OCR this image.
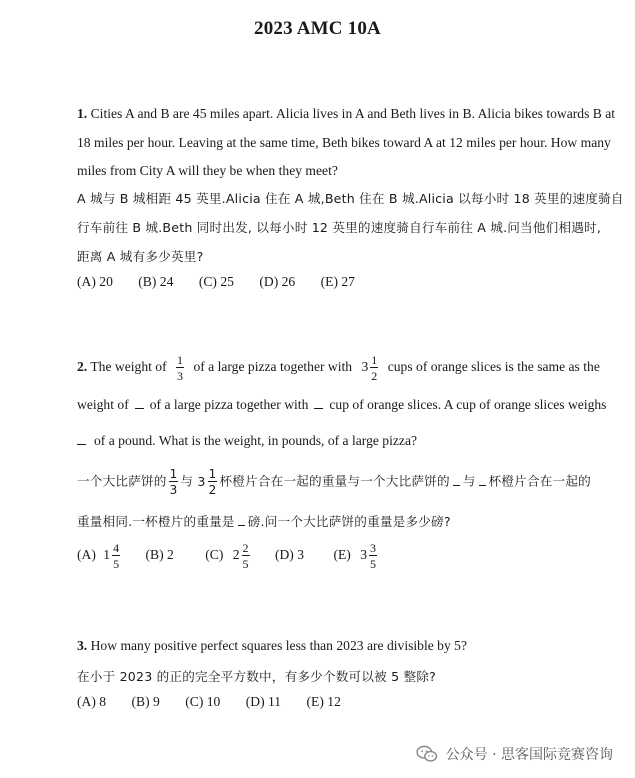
2023 AMC 10A
1. Cities A and B are 45 miles apart. Alicia lives in A and Beth lives in B. Alicia bikes towards B at
18 miles per hour. Leaving at the same time, Beth bikes toward A at 12 miles per hour. How many
miles from City A will they be when they meet?
A 城与 B 城相距 45 英里.Alicia 住在 A 城,Beth 住在 B 城.Alicia 以每小时 18 英里的速度骑自
行车前往 B 城.Beth 同时出发, 以每小时 12 英里的速度骑自行车前往 A 城.问当他们相遇时,
距离 A 城有多少英里?
(A) 20 (B) 24 (C) 25 (D) 26 (E) 27
2. The weight of $\frac{1}{3}$ of a large pizza together with $3 \frac{1}{2}$ cups of orange slices is the same as the
weight of of a large pizza together with cup of orange slices. A cup of orange slices weighs
of a pound. What is the weight, in pounds, of a large pizza?
一个大比萨饼的 $\frac{1}{3}$ 与 $3 \frac{1}{2}$ 杯橙片合在一起的重量与一个大比萨饼的 与 杯橙片合在一起的
重量相同.一杯橙片的重量是 磅.问一个大比萨饼的重量是多少磅?
(A) $1 \frac{4}{5} (B)$ 2 (C) $2 \frac{2}{5} (D)$ 3 (E) $3 \frac{3}{5}$
3. How many positive perfect squares less than 2023 are divisible by 5?
在小于 2023 的正的完全平方数中，有多少个数可以被 5 整除?
(A) 8 (B) 9 (C) 10 (D) 11 (E) 12
公众号 · 思客国际竞赛咨询
